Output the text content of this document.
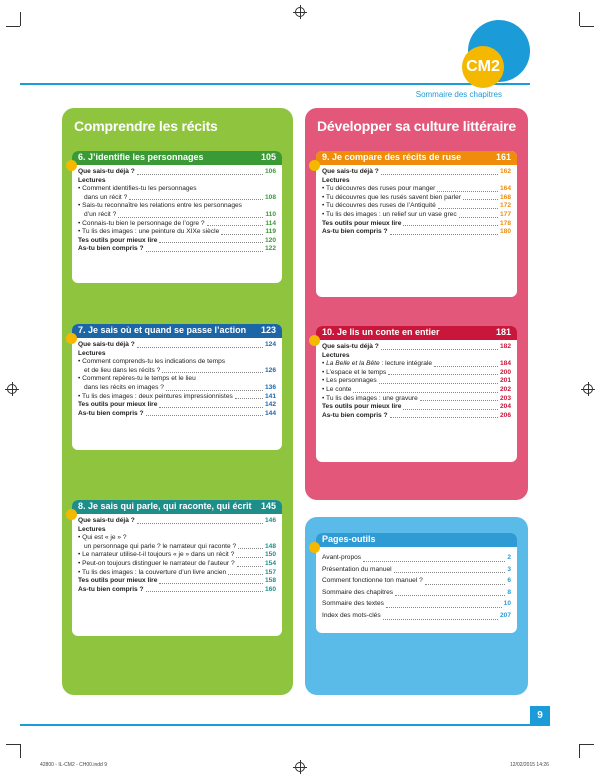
CM2
Sommaire des chapitres
Comprendre les récits
6. J’identifie les personnages	105
Que sais-tu déjà ?	106
Lectures
• Comment identifies-tu les personnages
dans un récit ?	108
• Sais-tu reconnaître les relations entre les personnages
d’un récit ?	110
• Connais-tu bien le personnage de l’ogre ?	114
• Tu lis des images : une peinture du XIXe siècle	119
Tes outils pour mieux lire	120
As-tu bien compris ?	122
7. Je sais où et quand se passe l’action 123
Que sais-tu déjà ?	124
Lectures
• Comment comprends-tu les indications de temps
et de lieu dans les récits ?	126
• Comment repères-tu le temps et le lieu
dans les récits en images ?	136
• Tu lis des images : deux peintures impressionnistes	141
Tes outils pour mieux lire	142
As-tu bien compris ?	144
8. Je sais qui parle, qui raconte, qui écrit 145
Que sais-tu déjà ?	146
Lectures
• Qui est « je » ?
un personnage qui parle ? le narrateur qui raconte ?	148
• Le narrateur utilise-t-il toujours « je » dans un récit ?	150
• Peut-on toujours distinguer le narrateur de l’auteur ?	154
• Tu lis des images : la couverture d’un livre ancien	157
Tes outils pour mieux lire	158
As-tu bien compris ?	160
Développer sa culture littéraire
9. Je compare des récits de ruse	161
Que sais-tu déjà ?	162
Lectures
• Tu découvres des ruses pour manger	164
• Tu découvres que les rusés savent bien parler	168
• Tu découvres des ruses de l’Antiquité	172
• Tu lis des images : un relief sur un vase grec	177
Tes outils pour mieux lire	178
As-tu bien compris ?	180
10. Je lis un conte en entier	181
Que sais-tu déjà ?	182
Lectures
• La Belle et la Bête : lecture intégrale	184
• L’espace et le temps	200
• Les personnages	201
• Le conte	202
• Tu lis des images : une gravure	203
Tes outils pour mieux lire	204
As-tu bien compris ?	206
Pages-outils
Avant-propos	2
Présentation du manuel	3
Comment fonctionne ton manuel ?	6
Sommaire des chapitres	8
Sommaire des textes	10
Index des mots-clés	207
9
42800 - IL-CM2 - CH00.indd 9	12/02/2015 14:26
